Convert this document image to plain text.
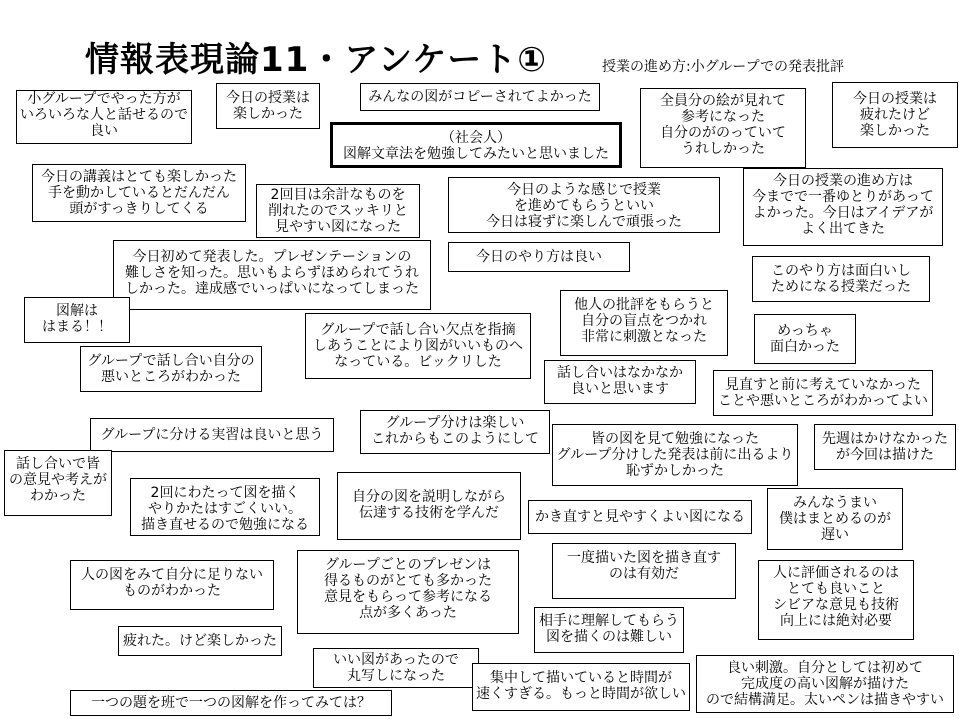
情報表現論11・アンケート①	授業の進め方:小グループでの発表批評
小グループでやった方が
いろいろな人と話せるので
良い
今日の授業は
楽しかった
みんなの図がコピーされてよかった
（社会人）
図解文章法を勉強してみたいと思いました
全員分の絵が見れて
参考になった
自分のがのっていて
うれしかった
今日の授業は
疲れたけど
楽しかった
今日の講義はとても楽しかった
手を動かしているとだんだん
頭がすっきりしてくる
2回目は余計なものを
削れたのでスッキリと
見やすい図になった
今日のような感じで授業
を進めてもらうといい
今日は寝ずに楽しんで頑張った
今日の授業の進め方は
今までで一番ゆとりがあって
よかった。今日はアイデアが
よく出てきた
今日初めて発表した。プレゼンテーションの
難しさを知った。思いもよらずほめられてうれ
しかった。達成感でいっぱいになってしまった
今日のやり方は良い
このやり方は面白いし
ためになる授業だった
図解は
はまる！！
他人の批評をもらうと
自分の盲点をつかれ
非常に刺激となった
グループで話し合い欠点を指摘
しあうことにより図がいいものへ
なっている。ビックリした
めっちゃ
面白かった
グループで話し合い自分の
悪いところがわかった	話し合いはなかなか
良いと思います	見直すと前に考えていなかった
ことや悪いところがわかってよい
グループに分ける実習は良いと思う
グループ分けは楽しい
これからもこのようにして	皆の図を見て勉強になった
グループ分けした発表は前に出るより
恥ずかしかった
先週はかけなかった
が今回は描けた
話し合いで皆
の意見や考えが
わかった	2回にわたって図を描く
やりかたはすごくいい。
描き直せるので勉強になる
自分の図を説明しながら
伝達する技術を学んだ	かき直すと見やすくよい図になる
みんなうまい
僕はまとめるのが
遅い
人の図をみて自分に足りない
ものがわかった
グループごとのプレゼンは
得るものがとても多かった
意見をもらって参考になる
点が多くあった
一度描いた図を描き直す
のは有効だ	人に評価されるのは
とても良いこと
シビアな意見も技術
向上には絶対必要
疲れた。けど楽しかった
相手に理解してもらう
図を描くのは難しい
いい図があったので
丸写しになった	集中して描いていると時間が
速くすぎる。もっと時間が欲しい
良い刺激。自分としては初めて
完成度の高い図解が描けた
ので結構満足。太いペンは描きやすい
一つの題を班で一つの図解を作ってみては？
